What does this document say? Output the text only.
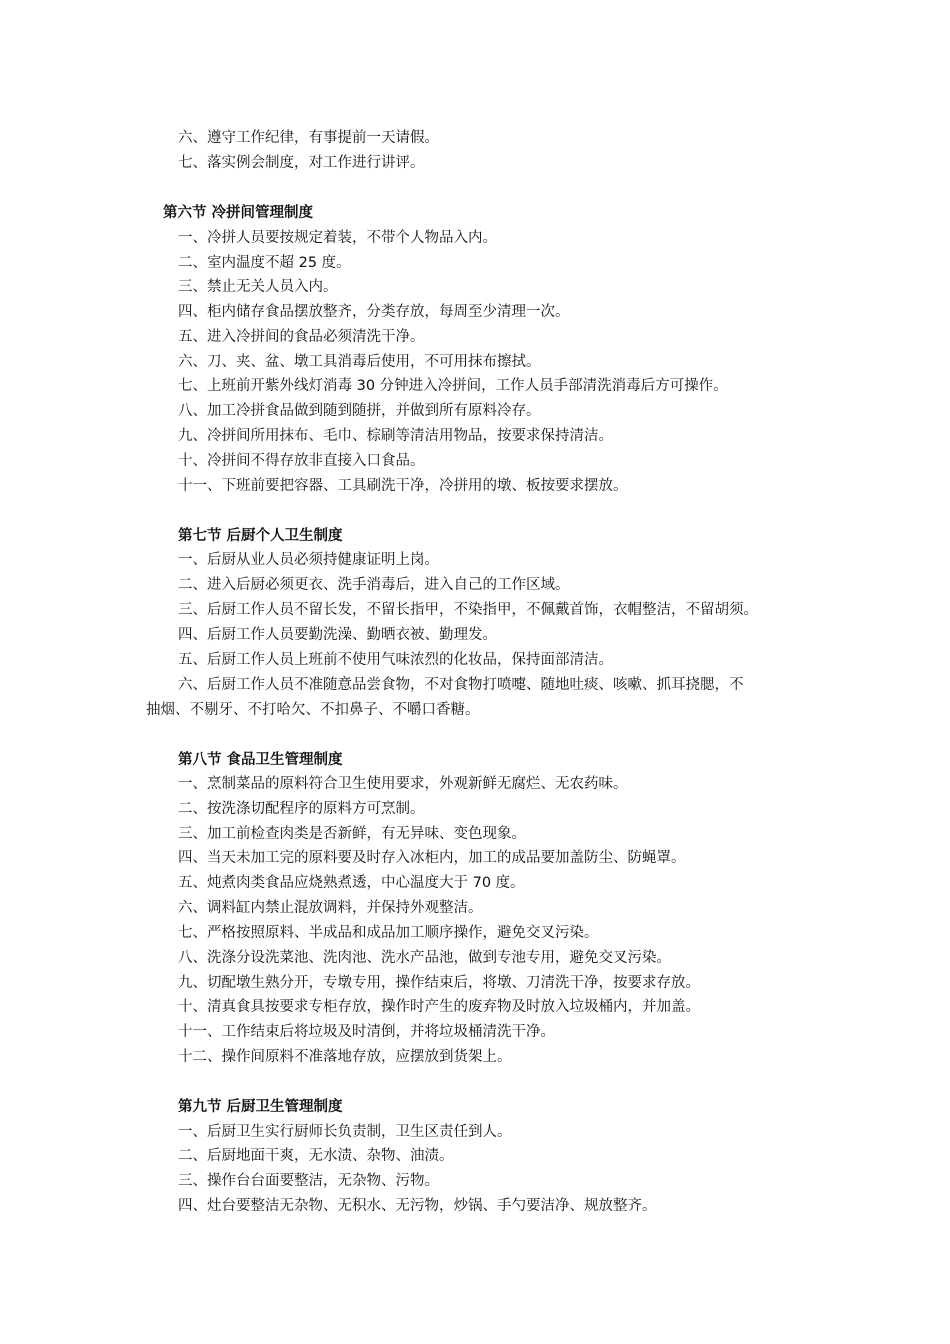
六、遵守工作纪律，有事提前一天请假。
七、落实例会制度，对工作进行讲评。
第六节 冷拼间管理制度
一、冷拼人员要按规定着装，不带个人物品入内。
二、室内温度不超 25 度。
三、禁止无关人员入内。
四、柜内储存食品摆放整齐，分类存放，每周至少清理一次。
五、进入冷拼间的食品必须清洗干净。
六、刀、夹、盆、墩工具消毒后使用，不可用抹布擦拭。
七、上班前开紫外线灯消毒 30 分钟进入冷拼间，工作人员手部清洗消毒后方可操作。
八、加工冷拼食品做到随到随拼，并做到所有原料冷存。
九、冷拼间所用抹布、毛巾、棕刷等清洁用物品，按要求保持清洁。
十、冷拼间不得存放非直接入口食品。
十一、下班前要把容器、工具刷洗干净，冷拼用的墩、板按要求摆放。
第七节 后厨个人卫生制度
一、后厨从业人员必须持健康证明上岗。
二、进入后厨必须更衣、洗手消毒后，进入自己的工作区域。
三、后厨工作人员不留长发，不留长指甲，不染指甲，不佩戴首饰，衣帽整洁，不留胡须。
四、后厨工作人员要勤洗澡、勤晒衣被、勤理发。
五、后厨工作人员上班前不使用气味浓烈的化妆品，保持面部清洁。
六、后厨工作人员不准随意品尝食物，不对食物打喷嚏、随地吐痰、咳嗽、抓耳挠腮，不
抽烟、不剔牙、不打哈欠、不扣鼻子、不嚼口香糖。
第八节 食品卫生管理制度
一、烹制菜品的原料符合卫生使用要求，外观新鲜无腐烂、无农药味。
二、按洗涤切配程序的原料方可烹制。
三、加工前检查肉类是否新鲜，有无异味、变色现象。
四、当天未加工完的原料要及时存入冰柜内，加工的成品要加盖防尘、防蝇罩。
五、炖煮肉类食品应烧熟煮透，中心温度大于 70 度。
六、调料缸内禁止混放调料，并保持外观整洁。
七、严格按照原料、半成品和成品加工顺序操作，避免交叉污染。
八、洗涤分设洗菜池、洗肉池、洗水产品池，做到专池专用，避免交叉污染。
九、切配墩生熟分开，专墩专用，操作结束后，将墩、刀清洗干净，按要求存放。
十、清真食具按要求专柜存放，操作时产生的废弃物及时放入垃圾桶内，并加盖。
十一、工作结束后将垃圾及时清倒，并将垃圾桶清洗干净。
十二、操作间原料不准落地存放，应摆放到货架上。
第九节 后厨卫生管理制度
一、后厨卫生实行厨师长负责制，卫生区责任到人。
二、后厨地面干爽，无水渍、杂物、油渍。
三、操作台台面要整洁，无杂物、污物。
四、灶台要整洁无杂物、无积水、无污物，炒锅、手勺要洁净、规放整齐。
